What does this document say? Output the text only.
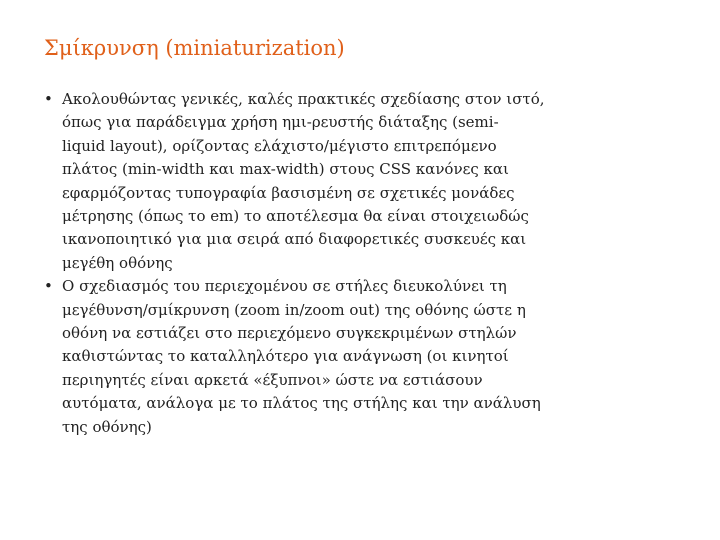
Σμίκρυνση (miniaturization)
• Ακολουθώντας γενικές, καλές πρακτικές σχεδίασης στον ιστό,
όπως για παράδειγμα χρήση ημι-ρευστής διάταξης (semi-
liquid layout), ορίζοντας ελάχιστο/μέγιστο επιτρεπόμενο
πλάτος (min-width και max-width) στους CSS κανόνες και
εφαρμόζοντας τυπογραφία βασισμένη σε σχετικές μονάδες
μέτρησης (όπως το em) το αποτέλεσμα θα είναι στοιχειωδώς
ικανοποιητικό για μια σειρά από διαφορετικές συσκευές και
μεγέθη οθόνης
• Ο σχεδιασμός του περιεχομένου σε στήλες διευκολύνει τη
μεγέθυνση/σμίκρυνση (zoom in/zoom out) της οθόνης ώστε η
οθόνη να εστιάζει στο περιεχόμενο συγκεκριμένων στηλών
καθιστώντας το καταλληλότερο για ανάγνωση (οι κινητοί
περιηγητές είναι αρκετά «έξυπνοι» ώστε να εστιάσουν
αυτόματα, ανάλογα με το πλάτος της στήλης και την ανάλυση
της οθόνης)
